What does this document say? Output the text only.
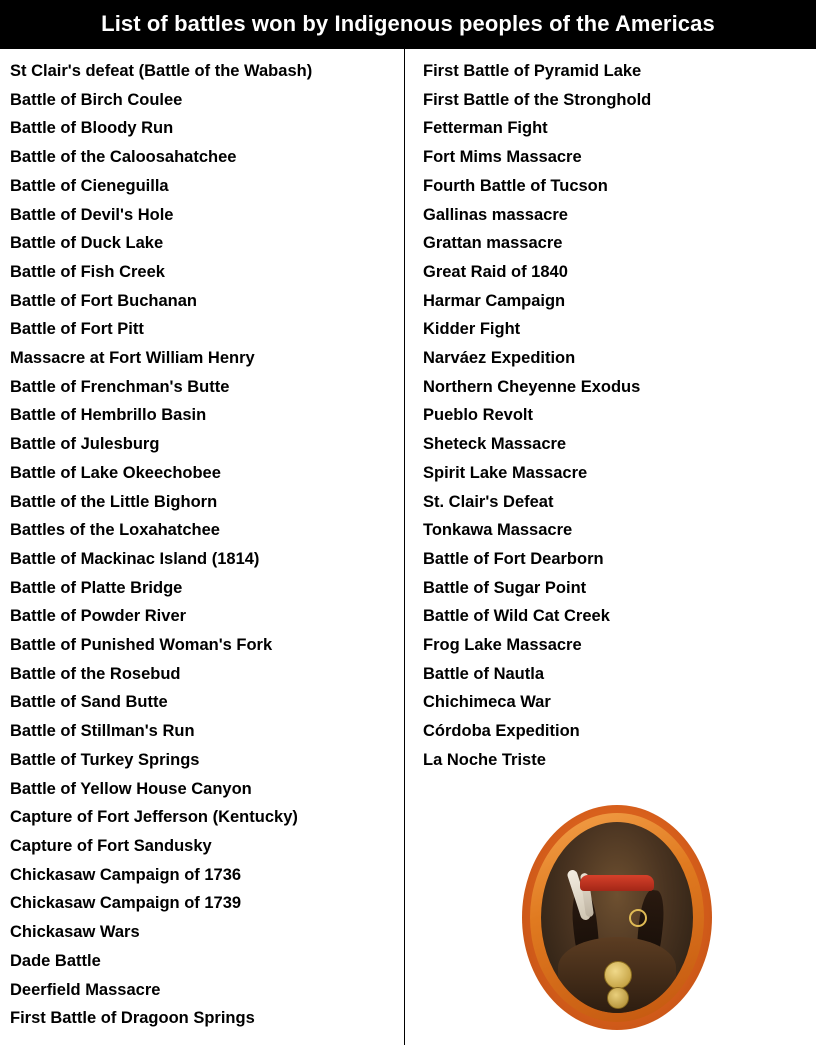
List of battles won by Indigenous peoples of the Americas
St Clair's defeat (Battle of the Wabash)
Battle of Birch Coulee
Battle of Bloody Run
Battle of the Caloosahatchee
Battle of Cieneguilla
Battle of Devil's Hole
Battle of Duck Lake
Battle of Fish Creek
Battle of Fort Buchanan
Battle of Fort Pitt
Massacre at Fort William Henry
Battle of Frenchman's Butte
Battle of Hembrillo Basin
Battle of Julesburg
Battle of Lake Okeechobee
Battle of the Little Bighorn
Battles of the Loxahatchee
Battle of Mackinac Island (1814)
Battle of Platte Bridge
Battle of Powder River
Battle of Punished Woman's Fork
Battle of the Rosebud
Battle of Sand Butte
Battle of Stillman's Run
Battle of Turkey Springs
Battle of Yellow House Canyon
Capture of Fort Jefferson (Kentucky)
Capture of Fort Sandusky
Chickasaw Campaign of 1736
Chickasaw Campaign of 1739
Chickasaw Wars
Dade Battle
Deerfield Massacre
First Battle of Dragoon Springs
First Battle of Pyramid Lake
First Battle of the Stronghold
Fetterman Fight
Fort Mims Massacre
Fourth Battle of Tucson
Gallinas massacre
Grattan massacre
Great Raid of 1840
Harmar Campaign
Kidder Fight
Narváez Expedition
Northern Cheyenne Exodus
Pueblo Revolt
Sheteck Massacre
Spirit Lake Massacre
St. Clair's Defeat
Tonkawa Massacre
Battle of Fort Dearborn
Battle of Sugar Point
Battle of Wild Cat Creek
Frog Lake Massacre
Battle of Nautla
Chichimeca War
Córdoba Expedition
La Noche Triste
